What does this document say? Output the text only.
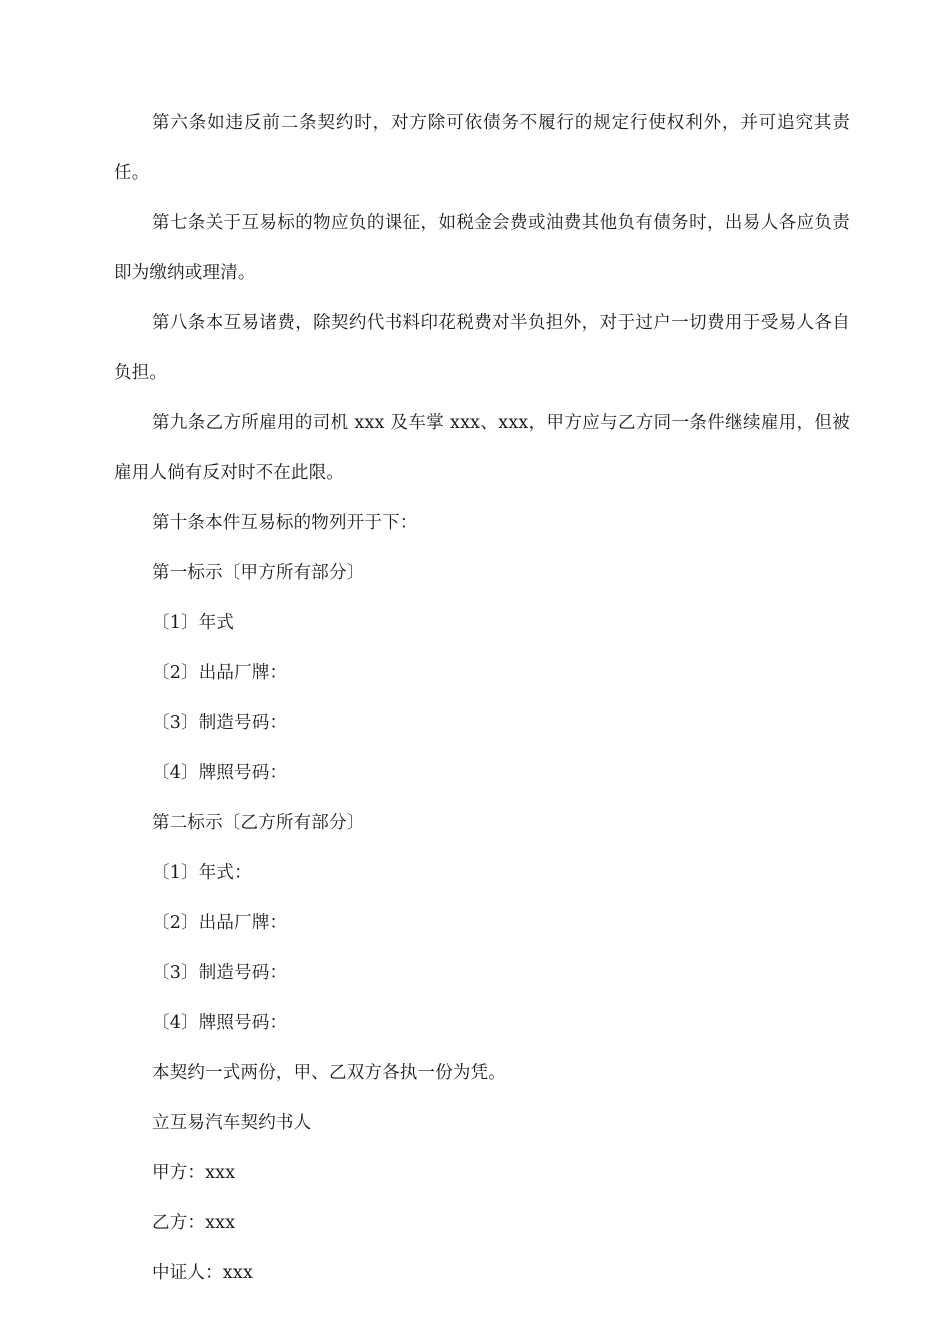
第六条如违反前二条契约时，对方除可依债务不履行的规定行使权利外，并可追究其责任。

第七条关于互易标的物应负的课征，如税金会费或油费其他负有债务时，出易人各应负责即为缴纳或理清。

第八条本互易诸费，除契约代书料印花税费对半负担外，对于过户一切费用于受易人各自负担。

第九条乙方所雇用的司机 xxx 及车掌 xxx、xxx，甲方应与乙方同一条件继续雇用，但被雇用人倘有反对时不在此限。

第十条本件互易标的物列开于下：

第一标示〔甲方所有部分〕

〔1〕年式

〔2〕出品厂牌：

〔3〕制造号码：

〔4〕牌照号码：

第二标示〔乙方所有部分〕

〔1〕年式：

〔2〕出品厂牌：

〔3〕制造号码：

〔4〕牌照号码：

本契约一式两份，甲、乙双方各执一份为凭。

立互易汽车契约书人

甲方：xxx

乙方：xxx

中证人：xxx
